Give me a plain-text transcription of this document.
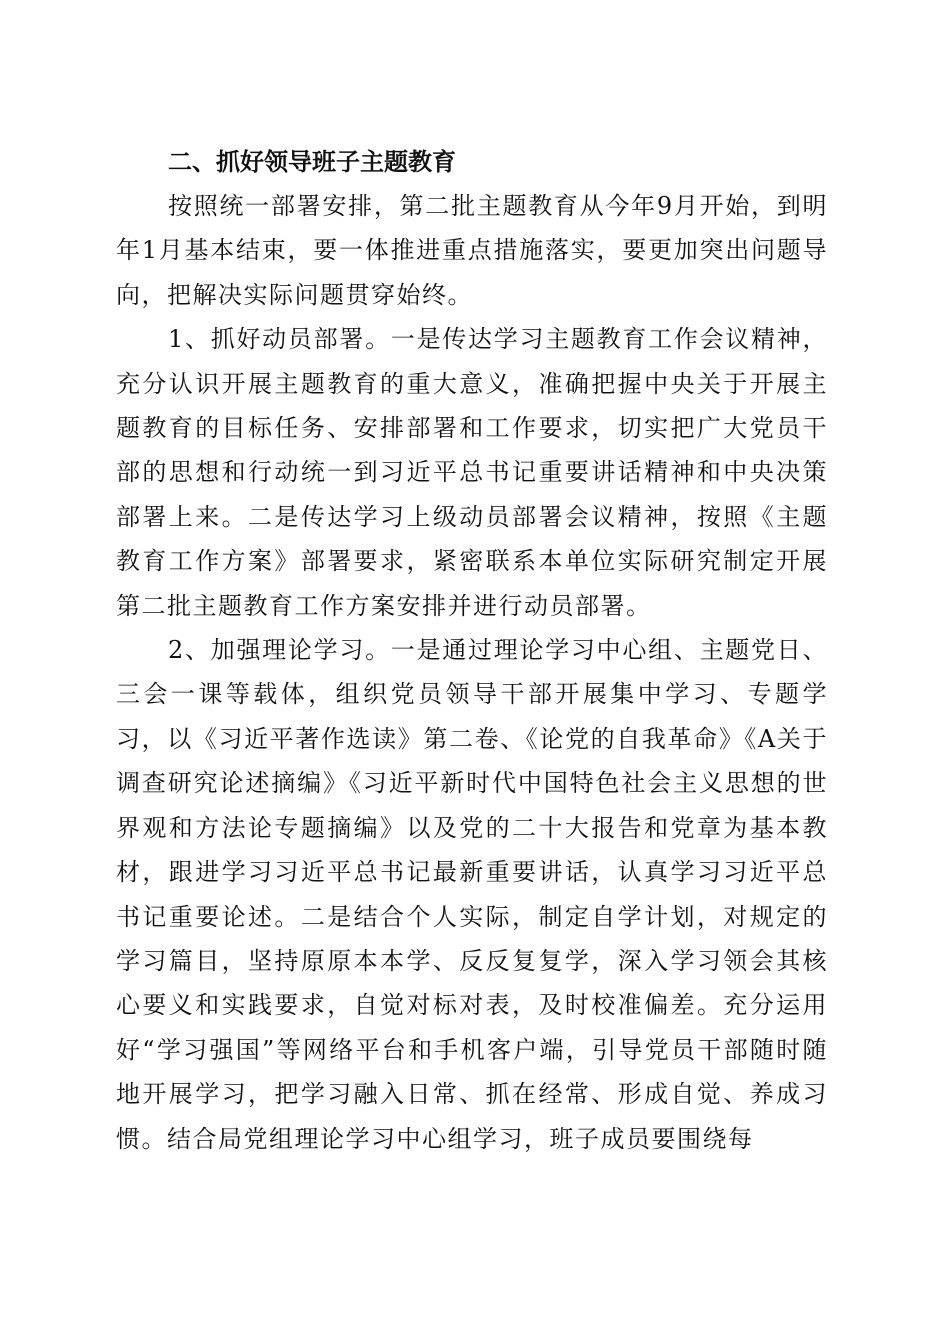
二、抓好领导班子主题教育

按照统一部署安排，第二批主题教育从今年9月开始，到明年1月基本结束，要一体推进重点措施落实，要更加突出问题导向，把解决实际问题贯穿始终。

1、抓好动员部署。一是传达学习主题教育工作会议精神，充分认识开展主题教育的重大意义，准确把握中央关于开展主题教育的目标任务、安排部署和工作要求，切实把广大党员干部的思想和行动统一到习近平总书记重要讲话精神和中央决策部署上来。二是传达学习上级动员部署会议精神，按照《主题教育工作方案》部署要求，紧密联系本单位实际研究制定开展第二批主题教育工作方案安排并进行动员部署。

2、加强理论学习。一是通过理论学习中心组、主题党日、三会一课等载体，组织党员领导干部开展集中学习、专题学习，以《习近平著作选读》第二卷、《论党的自我革命》《A关于调查研究论述摘编》《习近平新时代中国特色社会主义思想的世界观和方法论专题摘编》以及党的二十大报告和党章为基本教材，跟进学习习近平总书记最新重要讲话，认真学习习近平总书记重要论述。二是结合个人实际，制定自学计划，对规定的学习篇目，坚持原原本本学、反反复复学，深入学习领会其核心要义和实践要求，自觉对标对表，及时校准偏差。充分运用好“学习强国”等网络平台和手机客户端，引导党员干部随时随地开展学习，把学习融入日常、抓在经常、形成自觉、养成习惯。结合局党组理论学习中心组学习，班子成员要围绕每
